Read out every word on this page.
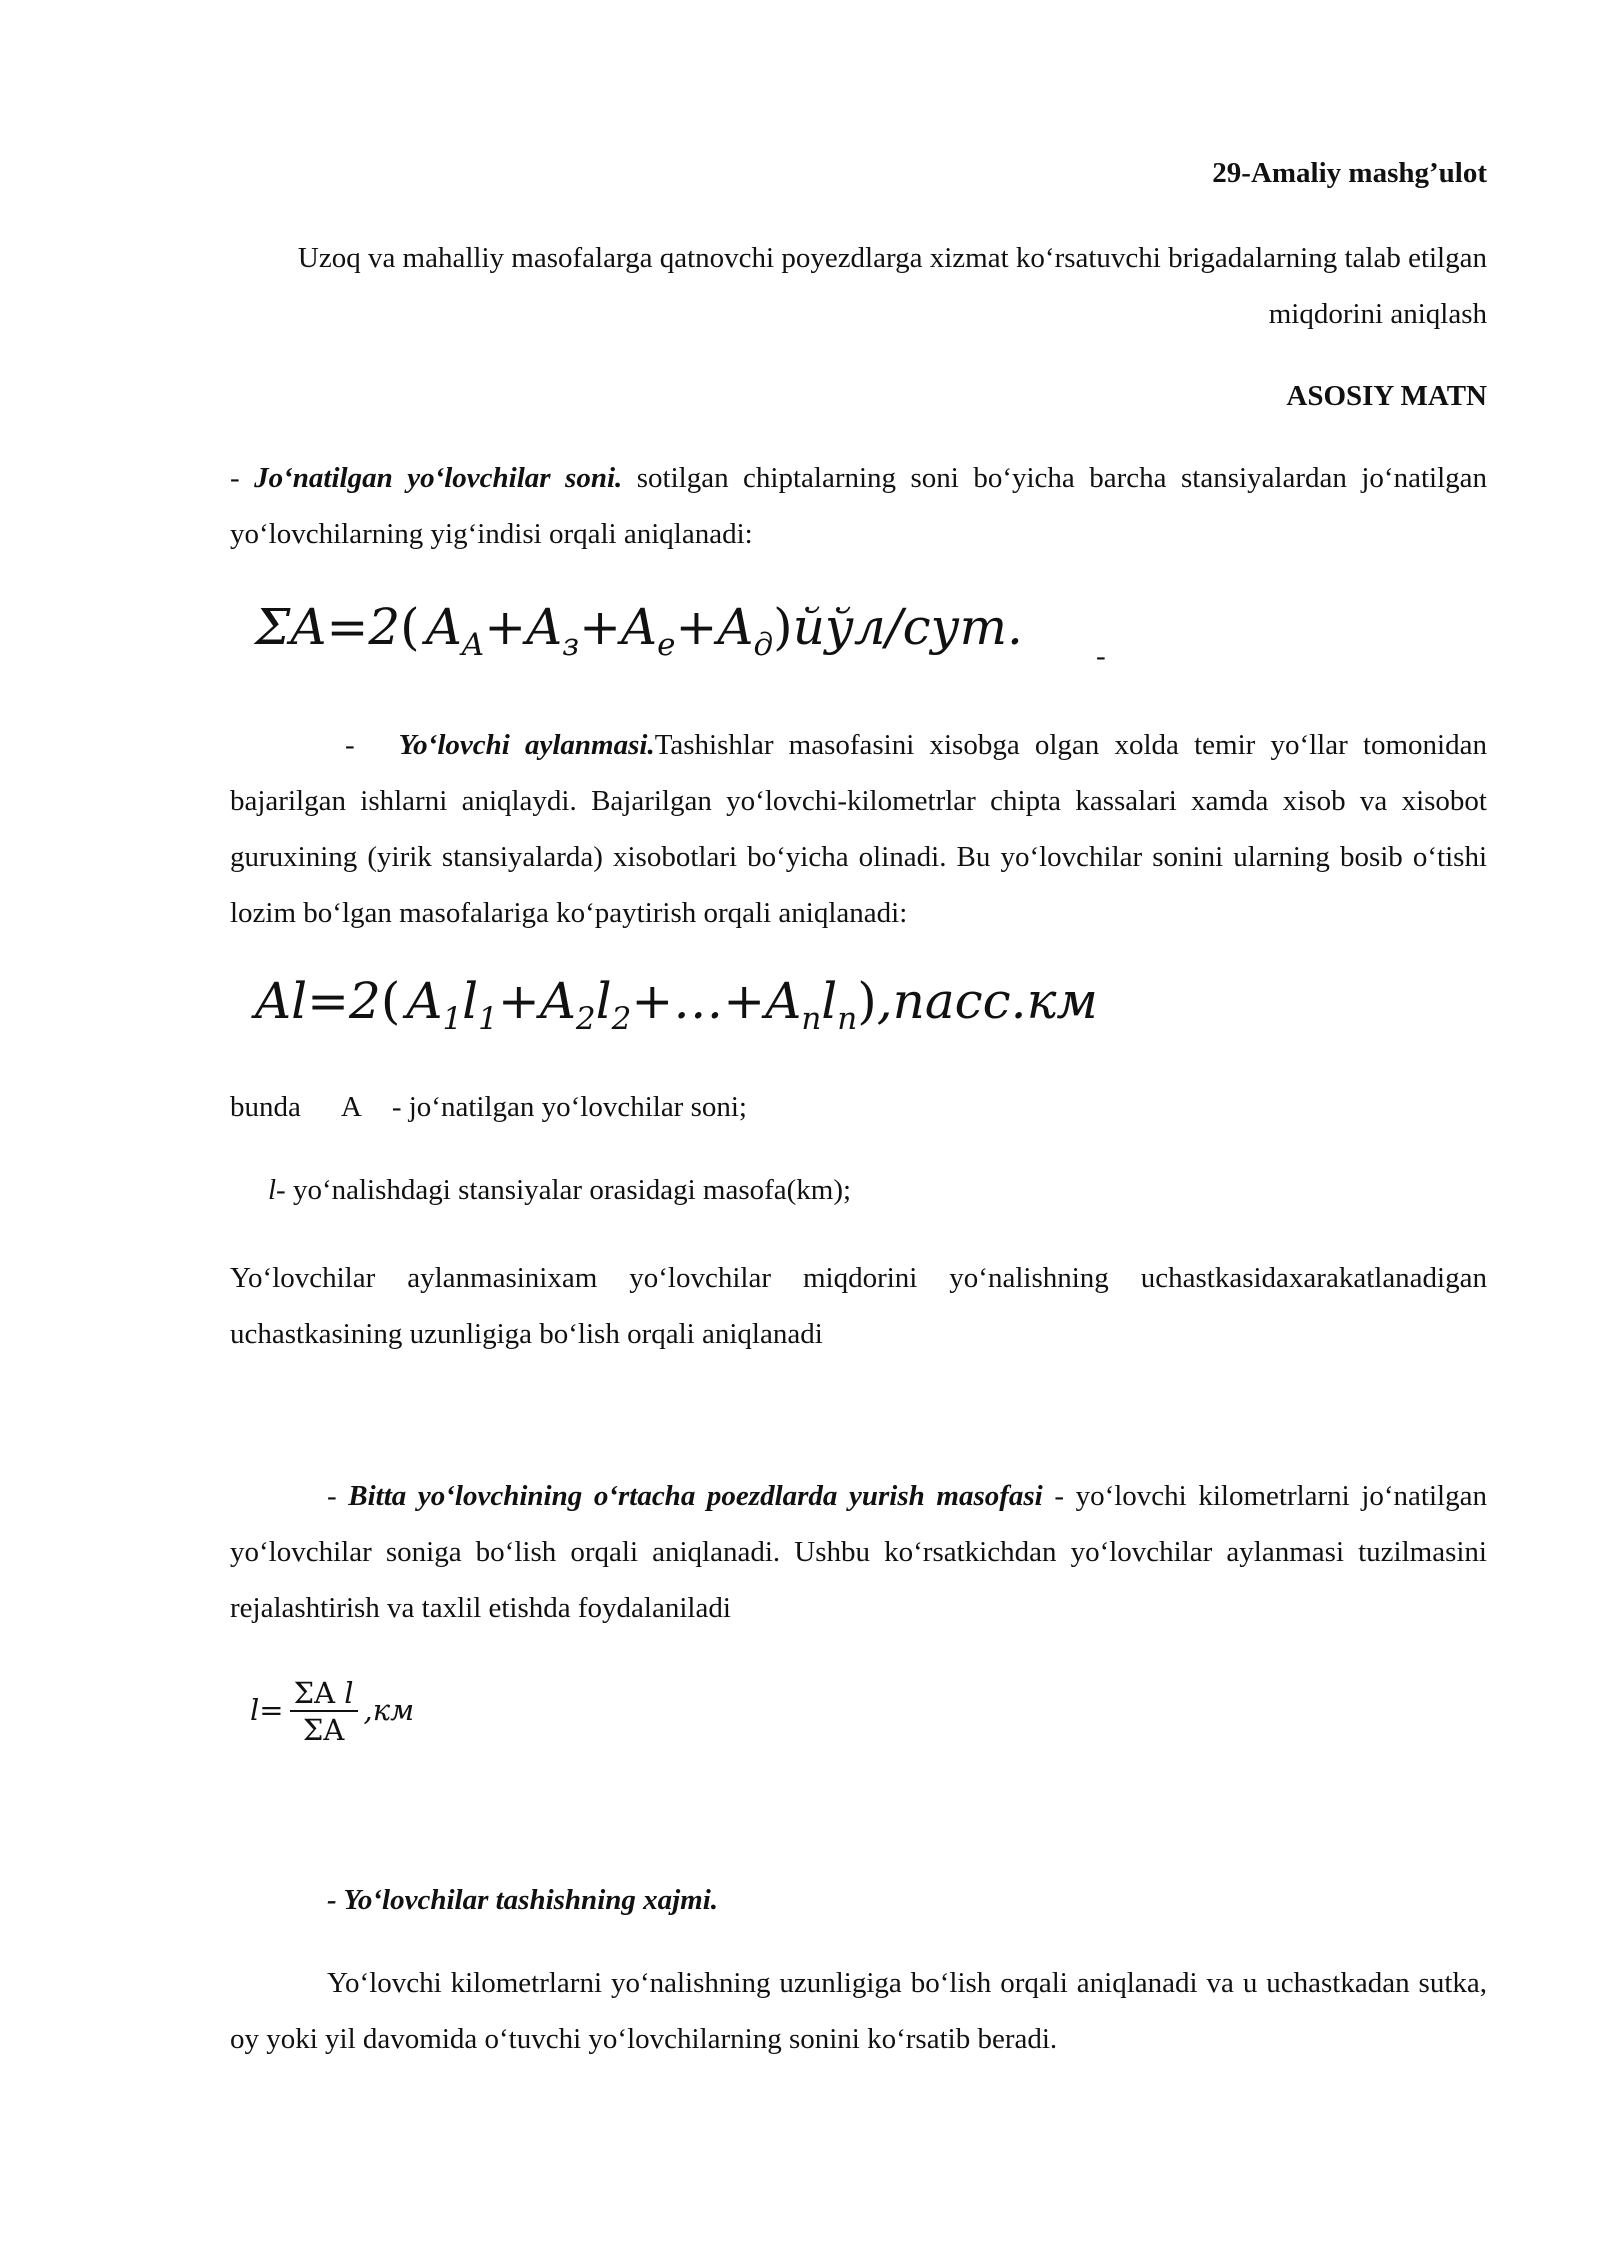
29-Amaliy mashg’ulot

Uzoq va mahalliy masofalarga qatnovchi poyezdlarga xizmat ko‘rsatuvchi brigadalarning talab etilgan miqdorini aniqlash

ASOSIY MATN

- Jo‘natilgan yo‘lovchilar soni. sotilgan chiptalarning soni bo‘yicha barcha stansiyalardan jo‘natilgan yo‘lovchilarning yig‘indisi orqali aniqlanadi:

ΣA=2( $A_A+A_з+A_е+A_д)йўл$/сут.	-

- Yo‘lovchi aylanmasi.Tashishlar masofasini xisobga olgan xolda temir yo‘llar tomonidan bajarilgan ishlarni aniqlaydi. Bajarilgan yo‘lovchi-kilometrlar chipta kassalari xamda xisob va xisobot guruxining (yirik stansiyalarda) xisobotlari bo‘yicha olinadi. Bu yo‘lovchilar sonini ularning bosib o‘tishi lozim bo‘lgan masofalariga ko‘paytirish orqali aniqlanadi:

Al=2( $A_1l_1+A_2l_2+\dots+A_nl_n),пасс.км$

bunda A - jo‘natilgan yo‘lovchilar soni;

l- yo‘nalishdagi stansiyalar orasidagi masofa(km);

Yo‘lovchilar aylanmasinixam yo‘lovchilar miqdorini yo‘nalishning uchastkasidaxarakatlanadigan uchastkasining uzunligiga bo‘lish orqali aniqlanadi

- Bitta yo‘lovchining o‘rtacha poezdlarda yurish masofasi - yo‘lovchi kilometrlarni jo‘natilgan yo‘lovchilar soniga bo‘lish orqali aniqlanadi. Ushbu ko‘rsatkichdan yo‘lovchilar aylanmasi tuzilmasini rejalashtirish va taxlil etishda foydalaniladi

$l= \frac{\text{ΣA l}}{\Sigma A} ,км$

- Yo‘lovchilar tashishning xajmi.

Yo‘lovchi kilometrlarni yo‘nalishning uzunligiga bo‘lish orqali aniqlanadi va u uchastkadan sutka, oy yoki yil davomida o‘tuvchi yo‘lovchilarning sonini ko‘rsatib beradi.
